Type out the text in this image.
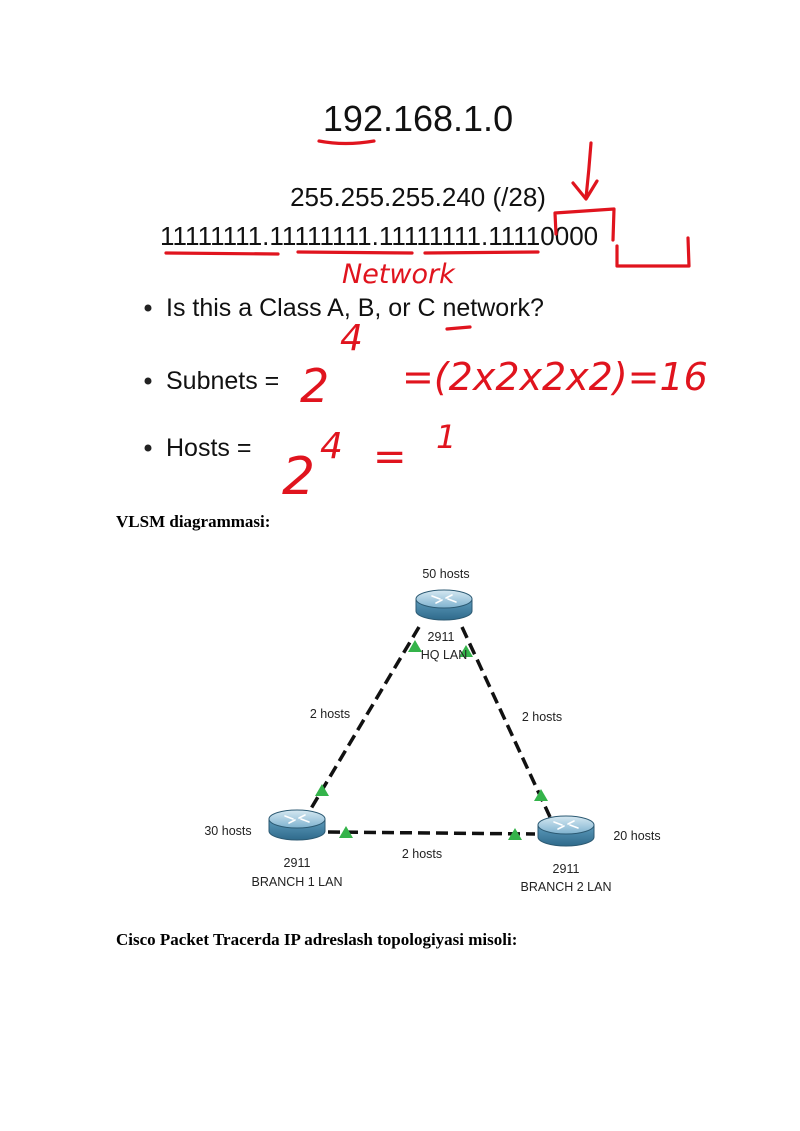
192.168.1.0
255.255.255.240 (/28)
11111111.11111111.11111111.11110000
Network
Is this a Class A, B, or C network?
Subnets =
Hosts =
2
4
=(2x2x2x2)=16
2
4 = 1

VLSM diagrammasi:

50 hosts
2911
HQ LAN
30 hosts
2911
BRANCH 1 LAN
20 hosts
2911
BRANCH 2 LAN
2 hosts	2 hosts
2 hosts

Cisco Packet Tracerda IP adreslash topologiyasi misoli:
